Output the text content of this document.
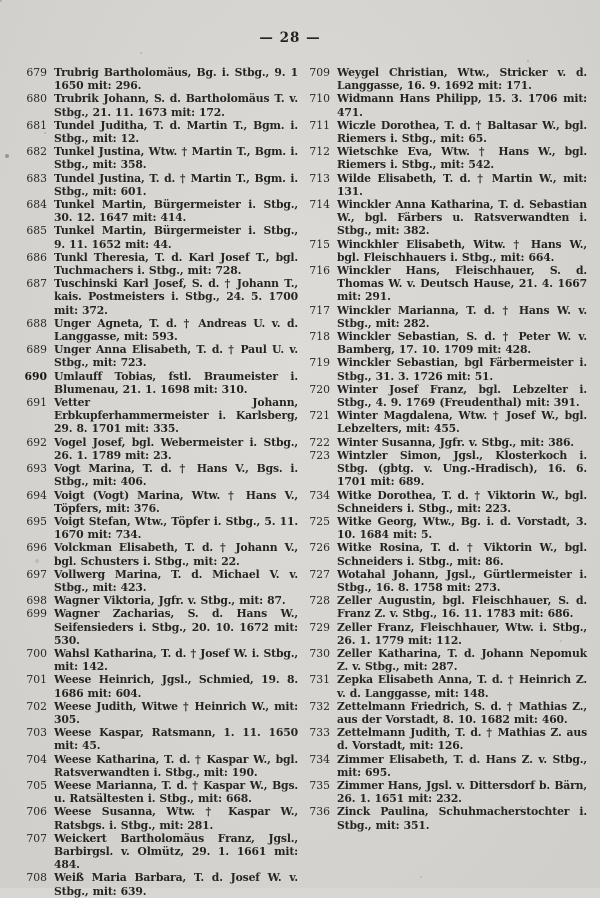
— 28 —
679 Trubrig Bartholomäus, Bg. i. Stbg., 9. 1 1650 mit: 296.
680 Trubrik Johann, S. d. Bartholomäus T. v. Stbg., 21. 11. 1673 mit: 172.
681 Tundel Juditha, T. d. Martin T., Bgm. i. Stbg., mit: 12.
682 Tunkel Justina, Wtw. † Martin T., Bgm. i. Stbg., mit: 358.
683 Tundel Justina, T. d. † Martin T., Bgm. i. Stbg., mit: 601.
684 Tunkel Martin, Bürgermeister i. Stbg., 30. 12. 1647 mit: 414.
685 Tunkel Martin, Bürgermeister i. Stbg., 9. 11. 1652 mit: 44.
686 Tunkl Theresia, T. d. Karl Josef T., bgl. Tuchmachers i. Stbg., mit: 728.
687 Tuschinski Karl Josef, S. d. † Johann T., kais. Postmeisters i. Stbg., 24. 5. 1700 mit: 372.
688 Unger Agneta, T. d. † Andreas U. v. d. Langgasse, mit: 593.
689 Unger Anna Elisabeth, T. d. † Paul U. v. Stbg., mit: 723.
690 Umlauff Tobias, fstl. Braumeister i. Blumenau, 21. 1. 1698 mit: 310.
691 Vetter Johann, Erbkupferhammermeister i. Karlsberg, 29. 8. 1701 mit: 335.
692 Vogel Josef, bgl. Webermeister i. Stbg., 26. 1. 1789 mit: 23.
693 Vogt Marina, T. d. † Hans V., Bgs. i. Stbg., mit: 406.
694 Voigt (Vogt) Marina, Wtw. † Hans V., Töpfers, mit: 376.
695 Voigt Stefan, Wtw., Töpfer i. Stbg., 5. 11. 1670 mit: 734.
696 Volckman Elisabeth, T. d. † Johann V., bgl. Schusters i. Stbg., mit: 22.
697 Vollwerg Marina, T. d. Michael V. v. Stbg., mit: 423.
698 Wagner Viktoria, Jgfr. v. Stbg., mit: 87.
699 Wagner Zacharias, S. d. Hans W., Seifensieders i. Stbg., 20. 10. 1672 mit: 530.
700 Wahsl Katharina, T. d. † Josef W. i. Stbg., mit: 142.
701 Weese Heinrich, Jgsl., Schmied, 19. 8. 1686 mit: 604.
702 Weese Judith, Witwe † Heinrich W., mit: 305.
703 Weese Kaspar, Ratsmann, 1. 11. 1650 mit: 45.
704 Weese Katharina, T. d. † Kaspar W., bgl. Ratsverwandten i. Stbg., mit: 190.
705 Weese Marianna, T. d. † Kaspar W., Bgs. u. Ratsältesten i. Stbg., mit: 668.
706 Weese Susanna, Wtw. † Kaspar W., Ratsbgs. i. Stbg., mit: 281.
707 Weickert Bartholomäus Franz, Jgsl., Barbirgsl. v. Olmütz, 29. 1. 1661 mit: 484.
708 Weiß Maria Barbara, T. d. Josef W. v. Stbg., mit: 639.
709 Weygel Christian, Wtw., Stricker v. d. Langgasse, 16. 9. 1692 mit: 171.
710 Widmann Hans Philipp, 15. 3. 1706 mit: 471.
711 Wiczle Dorothea, T. d. † Baltasar W., bgl. Riemers i. Stbg., mit: 65.
712 Wietschke Eva, Wtw. † Hans W., bgl. Riemers i. Stbg., mit: 542.
713 Wilde Elisabeth, T. d. † Martin W., mit: 131.
714 Winckler Anna Katharina, T. d. Sebastian W., bgl. Färbers u. Ratsverwandten i. Stbg., mit: 382.
715 Winckhler Elisabeth, Witw. † Hans W., bgl. Fleischhauers i. Stbg., mit: 664.
716 Winckler Hans, Fleischhauer, S. d. Thomas W. v. Deutsch Hause, 21. 4. 1667 mit: 291.
717 Winckler Marianna, T. d. † Hans W. v. Stbg., mit: 282.
718 Winckler Sebastian, S. d. † Peter W. v. Bamberg, 17. 10. 1709 mit: 428.
719 Winckler Sebastian, bgl Färbermeister i. Stbg., 31. 3. 1726 mit: 51.
720 Winter Josef Franz, bgl. Lebzelter i. Stbg., 4. 9. 1769 (Freudenthal) mit: 391.
721 Winter Magdalena, Wtw. † Josef W., bgl. Lebzelters, mit: 455.
722 Winter Susanna, Jgfr. v. Stbg., mit: 386.
723 Wintzler Simon, Jgsl., Klosterkoch i. Stbg. (gbtg. v. Ung.-Hradisch), 16. 6. 1701 mit: 689.
734 Witke Dorothea, T. d. † Viktorin W., bgl. Schneiders i. Stbg., mit: 223.
725 Witke Georg, Wtw., Bg. i. d. Vorstadt, 3. 10. 1684 mit: 5.
726 Witke Rosina, T. d. † Viktorin W., bgl. Schneiders i. Stbg., mit: 86.
727 Wotahal Johann, Jgsl., Gürtlermeister i. Stbg., 16. 8. 1758 mit: 273.
728 Zeller Augustin, bgl. Fleischhauer, S. d. Franz Z. v. Stbg., 16. 11. 1783 mit: 686.
729 Zeller Franz, Fleischhauer, Wtw. i. Stbg., 26. 1. 1779 mit: 112.
730 Zeller Katharina, T. d. Johann Nepomuk Z. v. Stbg., mit: 287.
731 Zepka Elisabeth Anna, T. d. † Heinrich Z. v. d. Langgasse, mit: 148.
732 Zettelmann Friedrich, S. d. † Mathias Z., aus der Vorstadt, 8. 10. 1682 mit: 460.
733 Zettelmann Judith, T. d. † Mathias Z. aus d. Vorstadt, mit: 126.
734 Zimmer Elisabeth, T. d. Hans Z. v. Stbg., mit: 695.
735 Zimmer Hans, Jgsl. v. Dittersdorf b. Bärn, 26. 1. 1651 mit: 232.
736 Zinck Paulina, Schuhmacherstochter i. Stbg., mit: 351.
